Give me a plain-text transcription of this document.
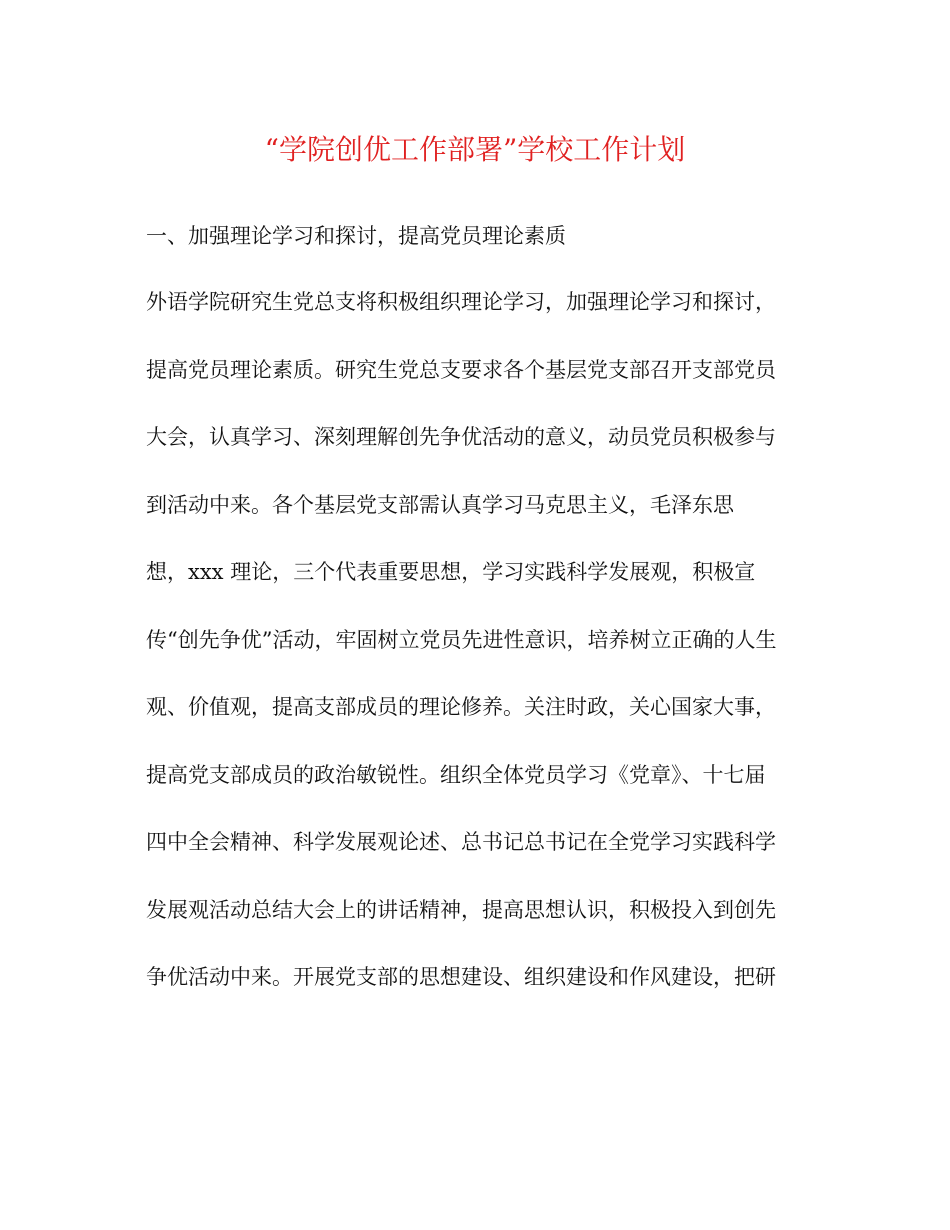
“学院创优工作部署”学校工作计划
一、加强理论学习和探讨，提高党员理论素质
外语学院研究生党总支将积极组织理论学习，加强理论学习和探讨，
提高党员理论素质。研究生党总支要求各个基层党支部召开支部党员
大会，认真学习、深刻理解创先争优活动的意义，动员党员积极参与
到活动中来。各个基层党支部需认真学习马克思主义，毛泽东思
想，xxx 理论，三个代表重要思想，学习实践科学发展观，积极宣
传“创先争优”活动，牢固树立党员先进性意识，培养树立正确的人生
观、价值观，提高支部成员的理论修养。关注时政，关心国家大事，
提高党支部成员的政治敏锐性。组织全体党员学习《党章》、十七届
四中全会精神、科学发展观论述、总书记总书记在全党学习实践科学
发展观活动总结大会上的讲话精神，提高思想认识，积极投入到创先
争优活动中来。开展党支部的思想建设、组织建设和作风建设，把研
